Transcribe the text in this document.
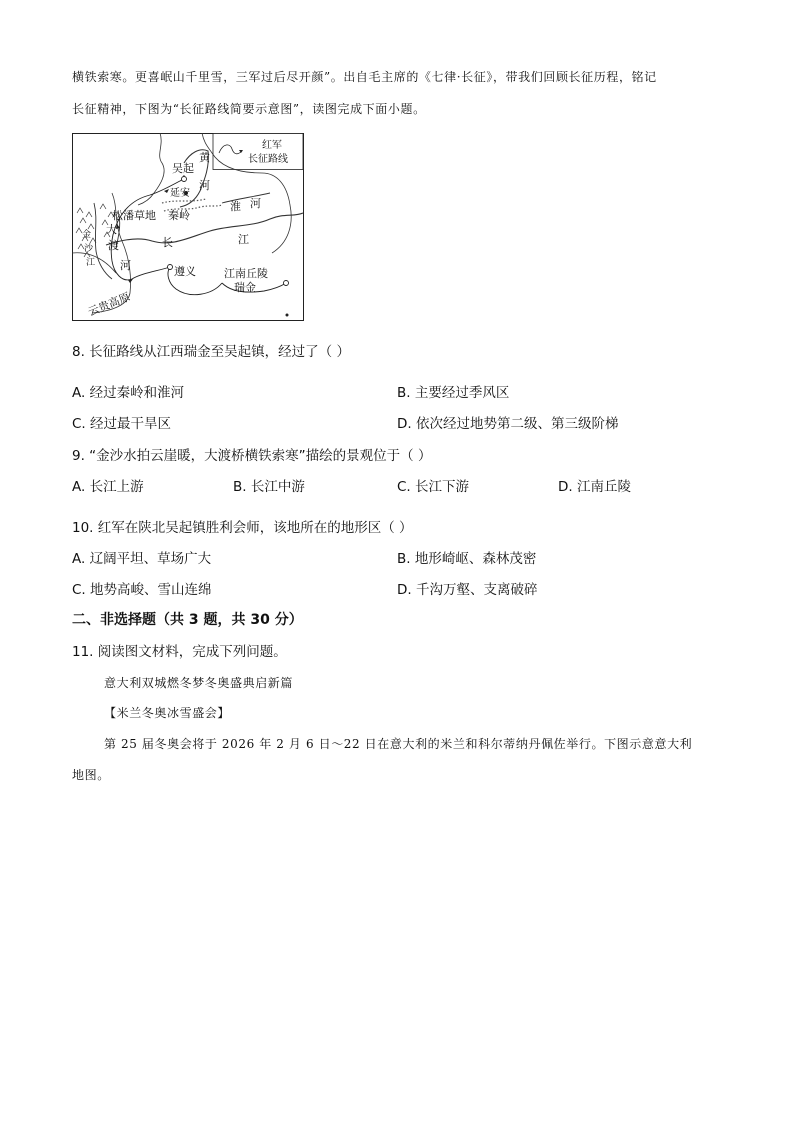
横铁索寒。更喜岷山千里雪，三军过后尽开颜”。出自毛主席的《七律·长征》，带我们回顾长征历程，铭记
长征精神，下图为“长征路线简要示意图”，读图完成下面小题。
红军
长征路线
吴起
延安
黄
河
淮 河
松潘草地 秦岭
长	江
大
渡
河
金
沙
江
遵义	江南丘陵
瑞金
云贵高原
8. 长征路线从江西瑞金至吴起镇，经过了（ ）
A. 经过秦岭和淮河	B. 主要经过季风区
C. 经过最干旱区	D. 依次经过地势第二级、第三级阶梯
9. “金沙水拍云崖暖，大渡桥横铁索寒”描绘的景观位于（ ）
A. 长江上游	B. 长江中游	C. 长江下游	D. 江南丘陵
10. 红军在陕北吴起镇胜利会师，该地所在的地形区（ ）
A. 辽阔平坦、草场广大	B. 地形崎岖、森林茂密
C. 地势高峻、雪山连绵	D. 千沟万壑、支离破碎
二、非选择题（共 3 题，共 30 分）
11. 阅读图文材料，完成下列问题。
意大利双城燃冬梦冬奥盛典启新篇
【米兰冬奥冰雪盛会】
第 25 届冬奥会将于 2026 年 2 月 6 日～22 日在意大利的米兰和科尔蒂纳丹佩佐举行。下图示意意大利
地图。
